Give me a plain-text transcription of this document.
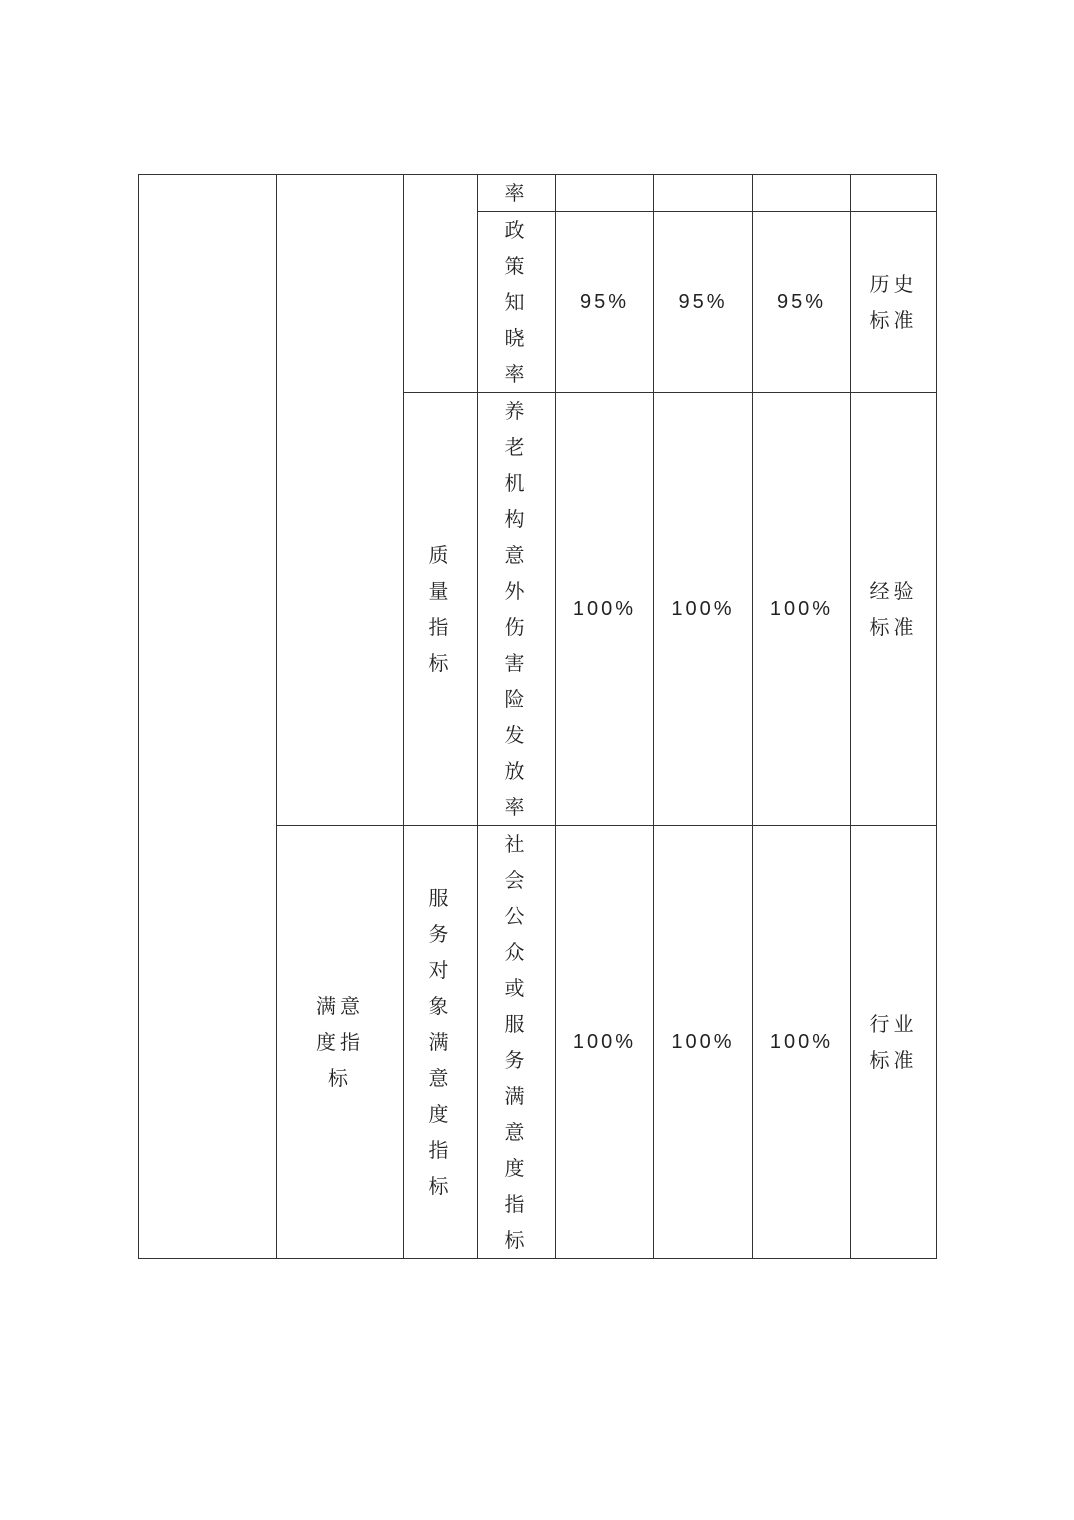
			率				
			政策知晓率	95%	95%	95%	历史标准
		质量指标	养老机构意外伤害险发放率	100%	100%	100%	经验标准
	满意度指标	服务对象满意度指标	社会公众或服务满意度指标	100%	100%	100%	行业标准
